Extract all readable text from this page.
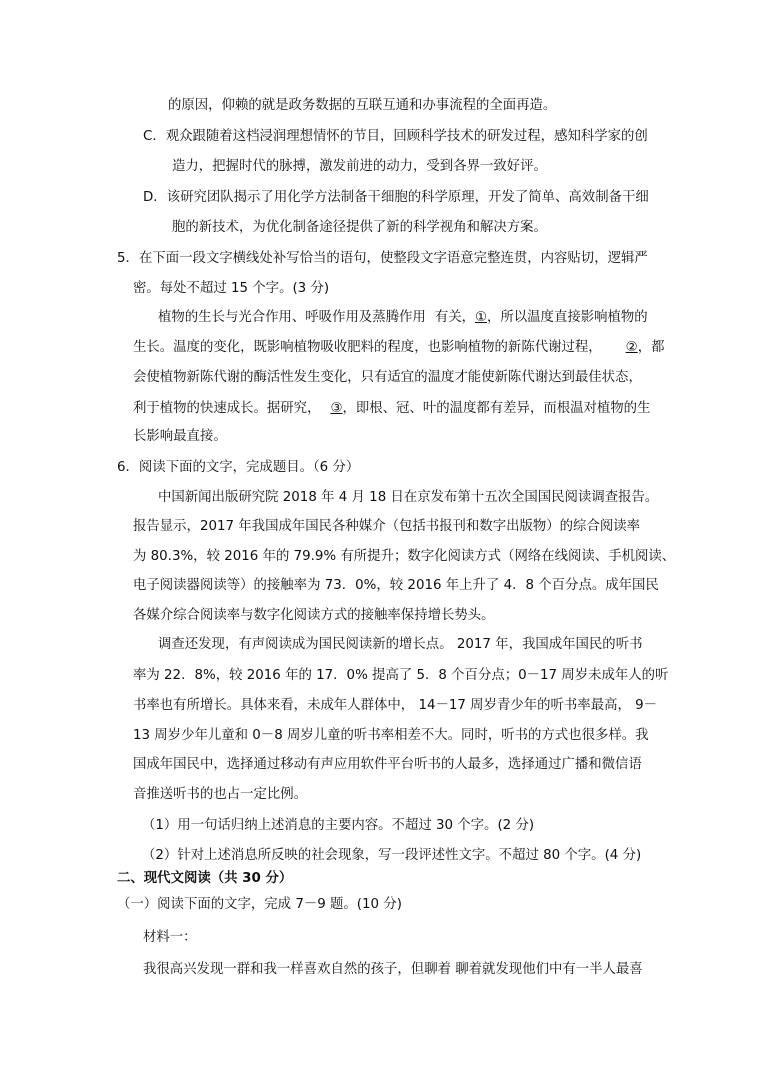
的原因，仰赖的就是政务数据的互联互通和办事流程的全面再造。
C．观众跟随着这档浸润理想情怀的节目，回顾科学技术的研发过程，感知科学家的创
造力，把握时代的脉搏，激发前进的动力，受到各界一致好评。
D．该研究团队揭示了用化学方法制备干细胞的科学原理，开发了简单、高效制备干细
胞的新技术，为优化制备途径提供了新的科学视角和解决方案。
5．在下面一段文字横线处补写恰当的语句，使整段文字语意完整连贯，内容贴切，逻辑严
密。每处不超过 15 个字。(3 分)
植物的生长与光合作用、呼吸作用及蒸腾作用 有关，①，所以温度直接影响植物的
生长。温度的变化，既影响植物吸收肥料的程度，也影响植物的新陈代谢过程， ②，都
会使植物新陈代谢的酶活性发生变化，只有适宜的温度才能使新陈代谢达到最佳状态，
利于植物的快速成长。据研究， ③，即根、冠、叶的温度都有差异，而根温对植物的生
长影响最直接。
6．阅读下面的文字，完成题目。（6 分）
中国新闻出版研究院 2018 年 4 月 18 日在京发布第十五次全国国民阅读调查报告。
报告显示，2017 年我国成年国民各种媒介（包括书报刊和数字出版物）的综合阅读率
为 80.3%，较 2016 年的 79.9% 有所提升；数字化阅读方式（网络在线阅读、手机阅读、
电子阅读器阅读等）的接触率为 73．0%，较 2016 年上升了 4．8 个百分点。成年国民
各媒介综合阅读率与数字化阅读方式的接触率保持增长势头。
调查还发现，有声阅读成为国民阅读新的增长点。 2017 年，我国成年国民的听书
率为 22．8%，较 2016 年的 17．0% 提高了 5．8 个百分点；0－17 周岁未成年人的听
书率也有所增长。具体来看，未成年人群体中， 14－17 周岁青少年的听书率最高， 9－
13 周岁少年儿童和 0－8 周岁儿童的听书率相差不大。同时，听书的方式也很多样。我
国成年国民中，选择通过移动有声应用软件平台听书的人最多，选择通过广播和微信语
音推送听书的也占一定比例。
（1）用一句话归纳上述消息的主要内容。不超过 30 个字。(2 分)
（2）针对上述消息所反映的社会现象，写一段评述性文字。不超过 80 个字。(4 分)
二、现代文阅读（共 30 分）
（一）阅读下面的文字，完成 7－9 题。(10 分)
材料一：
我很高兴发现一群和我一样喜欢自然的孩子，但聊着 聊着就发现他们中有一半人最喜
